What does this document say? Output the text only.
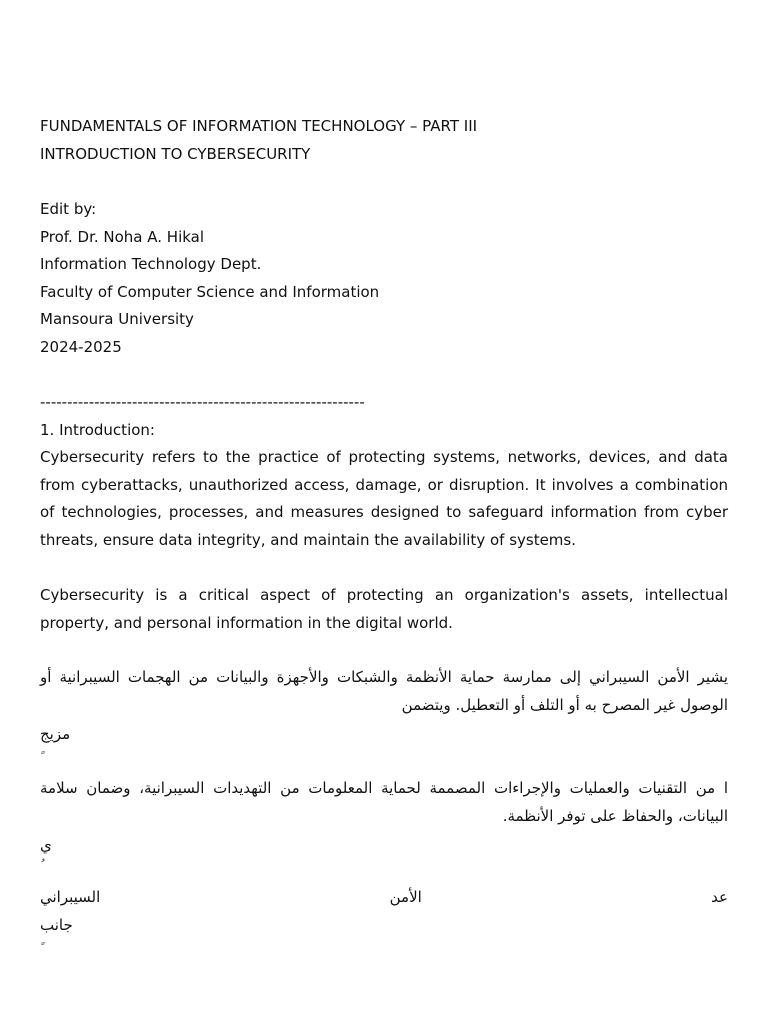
FUNDAMENTALS OF INFORMATION TECHNOLOGY – PART III
INTRODUCTION TO CYBERSECURITY
Edit by:
Prof. Dr. Noha A. Hikal
Information Technology Dept.
Faculty of Computer Science and Information
Mansoura University
2024-2025
------------------------------------------------------------
1. Introduction:
Cybersecurity refers to the practice of protecting systems, networks, devices, and data from cyberattacks, unauthorized access, damage, or disruption. It involves a combination of technologies, processes, and measures designed to safeguard information from cyber threats, ensure data integrity, and maintain the availability of systems.
Cybersecurity is a critical aspect of protecting an organization's assets, intellectual property, and personal information in the digital world.
يشير الأمن السيبراني إلى ممارسة حماية الأنظمة والشبكات والأجهزة والبيانات من الهجمات السيبرانية أو الوصول غير المصرح به أو التلف أو التعطيل. ويتضمن
مزيج
ا من التقنيات والعمليات والإجراءات المصممة لحماية المعلومات من التهديدات السيبرانية، وضمان سلامة البيانات، والحفاظ على توفر الأنظمة.
ي
عد
الأمن
السيبراني
جانب
